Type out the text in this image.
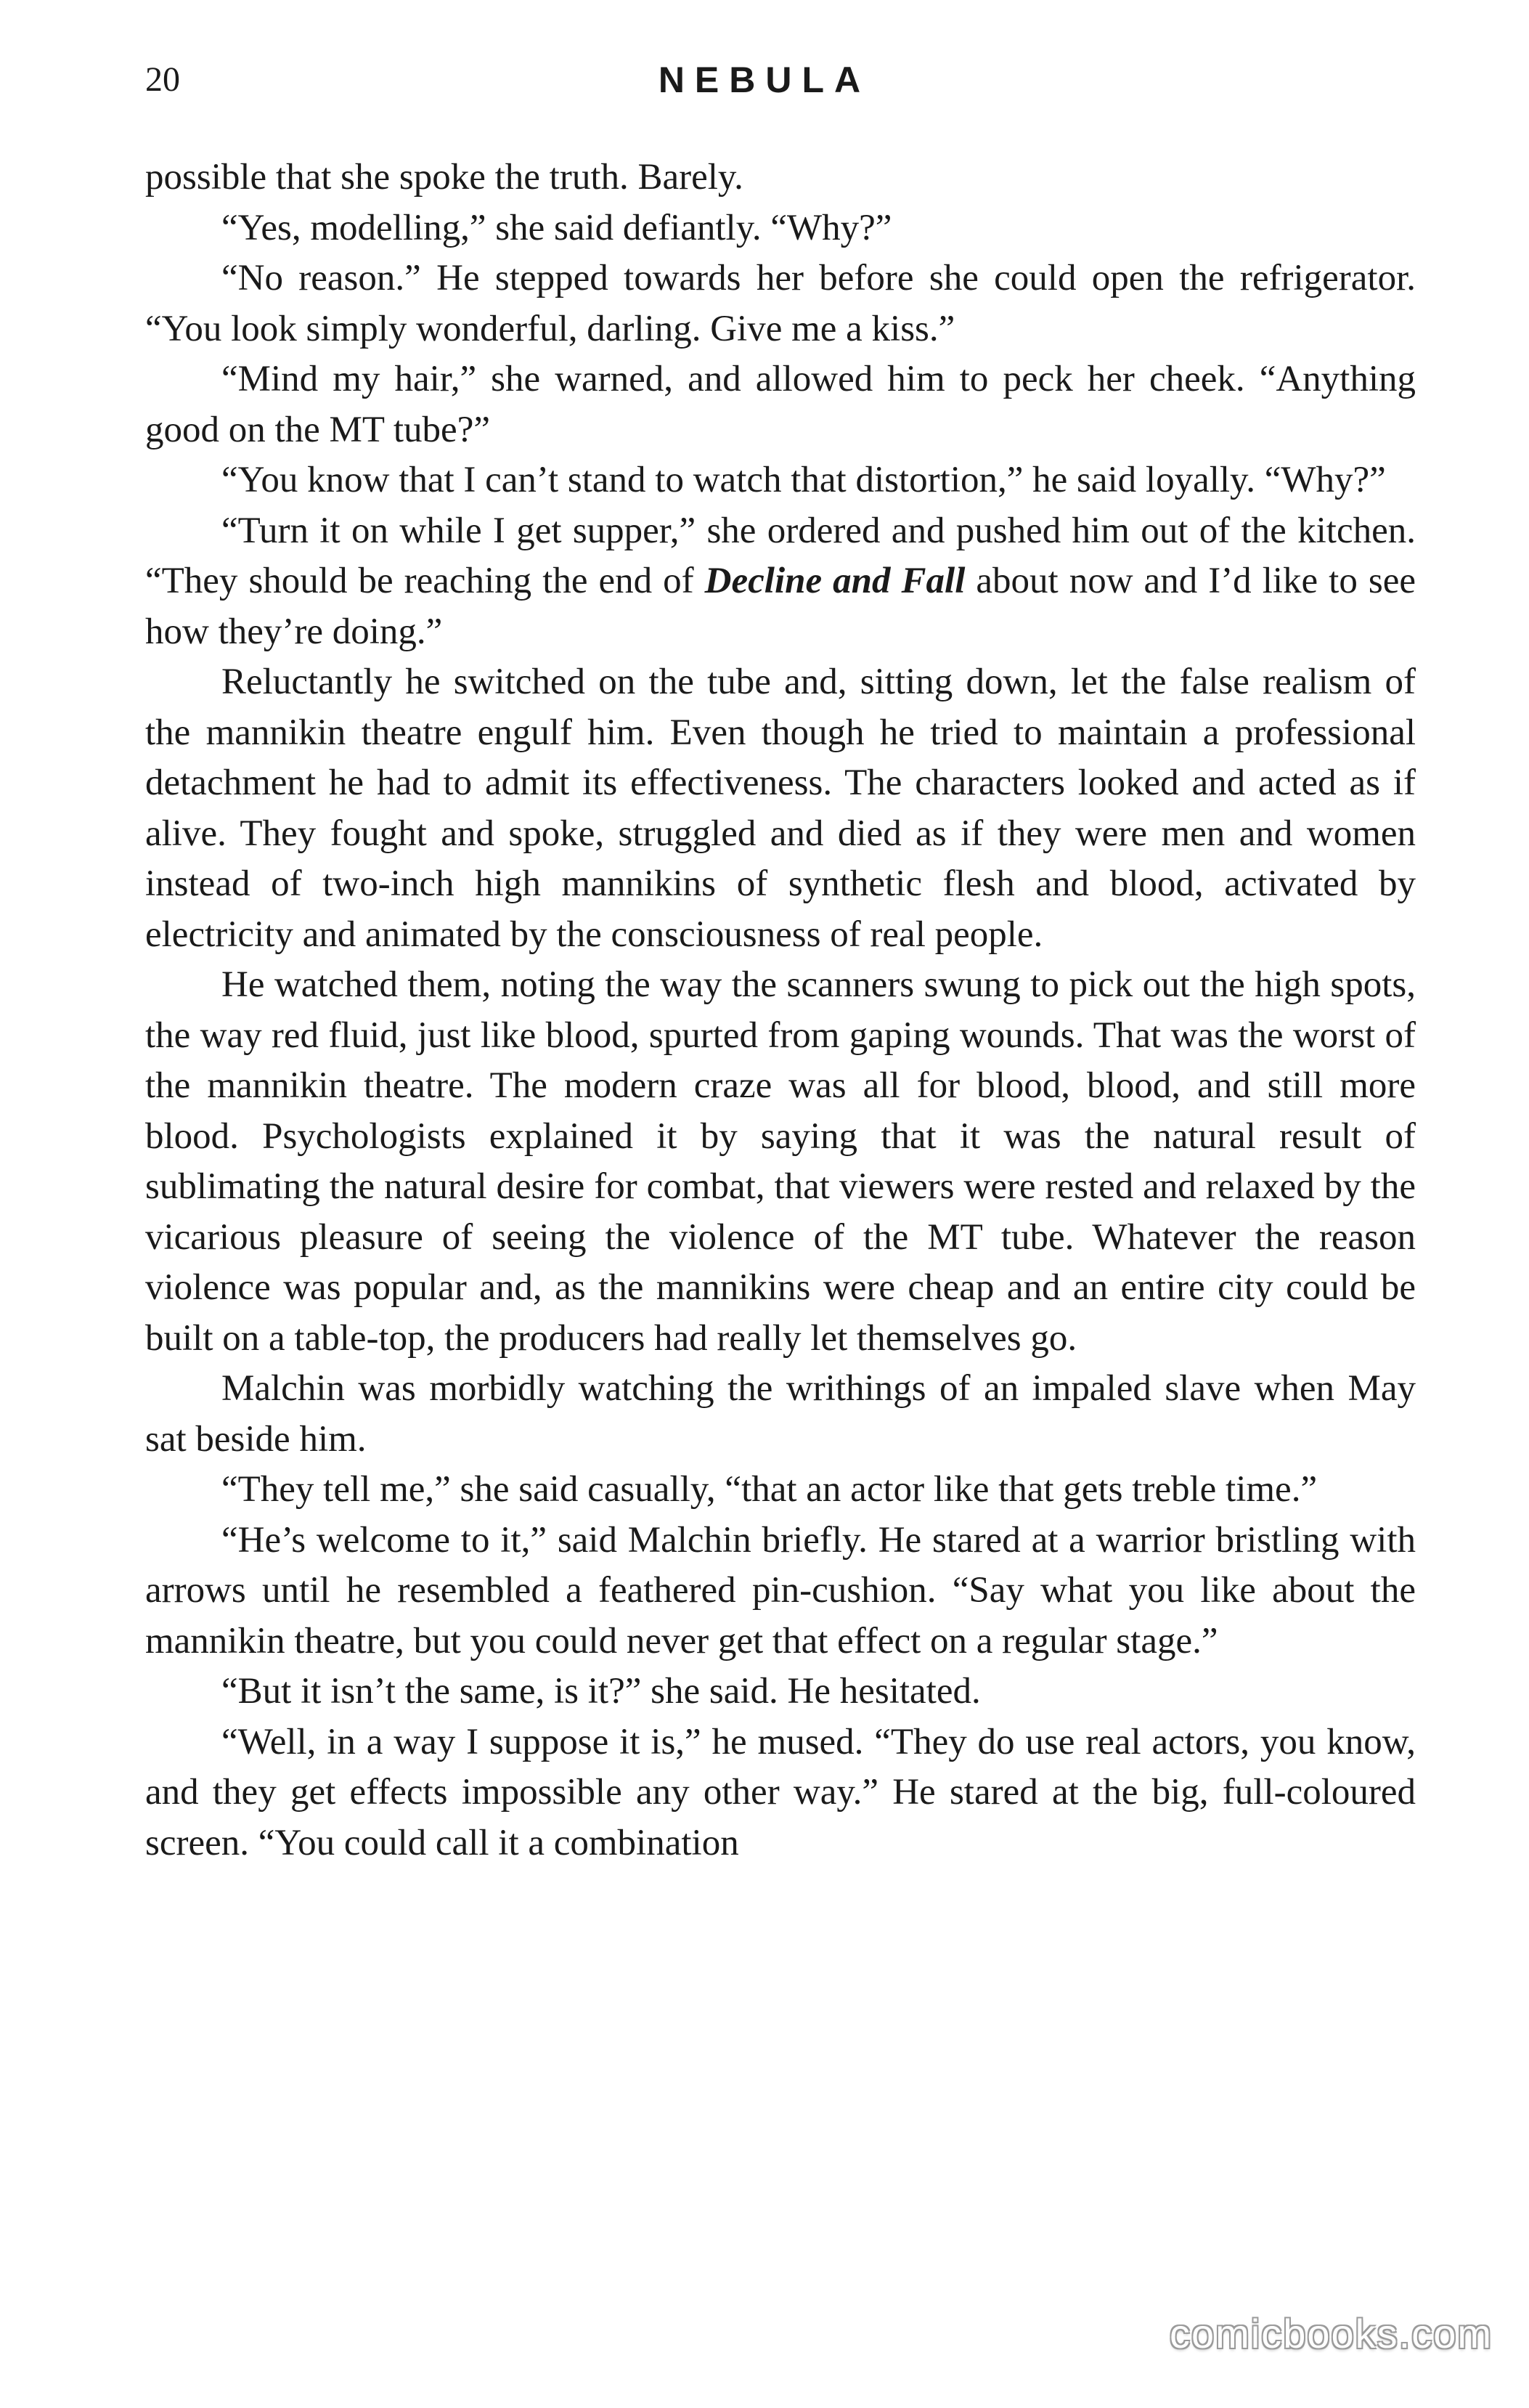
20	NEBULA

possible that she spoke the truth. Barely.

“Yes, modelling,” she said defiantly. “Why?”

“No reason.” He stepped towards her before she could open the refrigerator. “You look simply wonderful, darling. Give me a kiss.”

“Mind my hair,” she warned, and allowed him to peck her cheek. “Anything good on the MT tube?”

“You know that I can’t stand to watch that distortion,” he said loyally. “Why?”

“Turn it on while I get supper,” she ordered and pushed him out of the kitchen. “They should be reaching the end of Decline and Fall about now and I’d like to see how they’re doing.”

Reluctantly he switched on the tube and, sitting down, let the false realism of the mannikin theatre engulf him. Even though he tried to maintain a professional detachment he had to admit its effectiveness. The characters looked and acted as if alive. They fought and spoke, struggled and died as if they were men and women instead of two-inch high mannikins of synthetic flesh and blood, activated by electricity and animated by the consciousness of real people.

He watched them, noting the way the scanners swung to pick out the high spots, the way red fluid, just like blood, spurted from gaping wounds. That was the worst of the mannikin theatre. The modern craze was all for blood, blood, and still more blood. Psychologists explained it by saying that it was the natural result of sublimating the natural desire for combat, that viewers were rested and relaxed by the vicarious pleasure of seeing the violence of the MT tube. Whatever the reason violence was popular and, as the mannikins were cheap and an entire city could be built on a table-top, the producers had really let themselves go.

Malchin was morbidly watching the writhings of an impaled slave when May sat beside him.

“They tell me,” she said casually, “that an actor like that gets treble time.”

“He’s welcome to it,” said Malchin briefly. He stared at a warrior bristling with arrows until he resembled a feathered pin-cushion. “Say what you like about the mannikin theatre, but you could never get that effect on a regular stage.”

“But it isn’t the same, is it?” she said. He hesitated.

“Well, in a way I suppose it is,” he mused. “They do use real actors, you know, and they get effects impossible any other way.” He stared at the big, full-coloured screen. “You could call it a combination

comicbooks.com
